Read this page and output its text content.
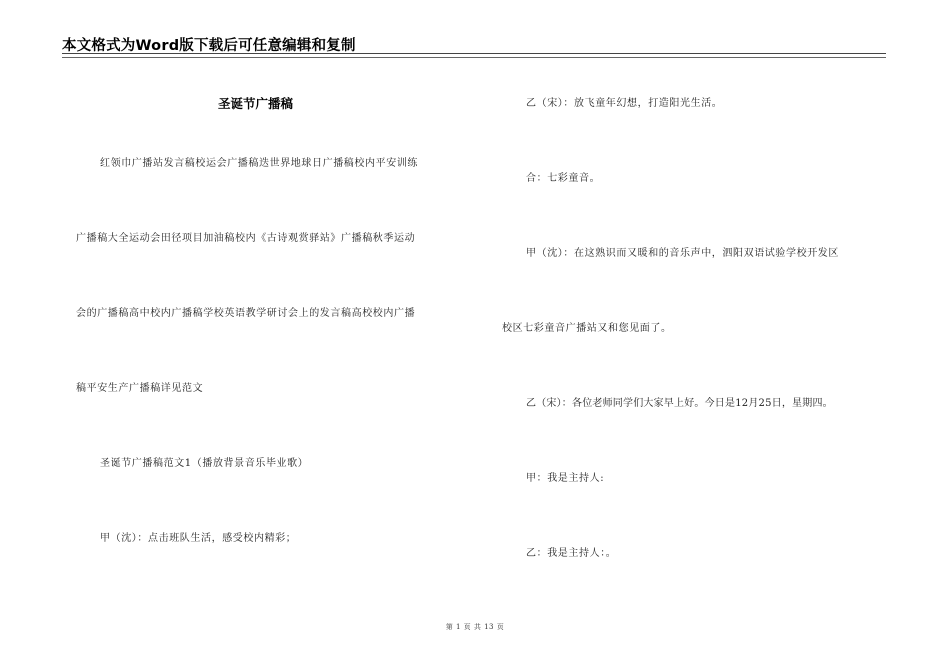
本文格式为Word版下载后可任意编辑和复制
圣诞节广播稿
红领巾广播站发言稿校运会广播稿迭世界地球日广播稿校内平安训练
广播稿大全运动会田径项目加油稿校内《古诗观赏驿站》广播稿秋季运动
会的广播稿高中校内广播稿学校英语教学研讨会上的发言稿高校校内广播
稿平安生产广播稿详见范文
圣诞节广播稿范文1（播放背景音乐毕业歌）
甲（沈）：点击班队生活，感受校内精彩；
乙（宋）：放飞童年幻想，打造阳光生活。
合：七彩童音。
甲（沈）：在这熟识而又暖和的音乐声中，泗阳双语试验学校开发区
校区七彩童音广播站又和您见面了。
乙（宋）：各位老师同学们大家早上好。今日是12月25日，星期四。
甲：我是主持人:
乙：我是主持人：。
第 1 页 共 13 页
